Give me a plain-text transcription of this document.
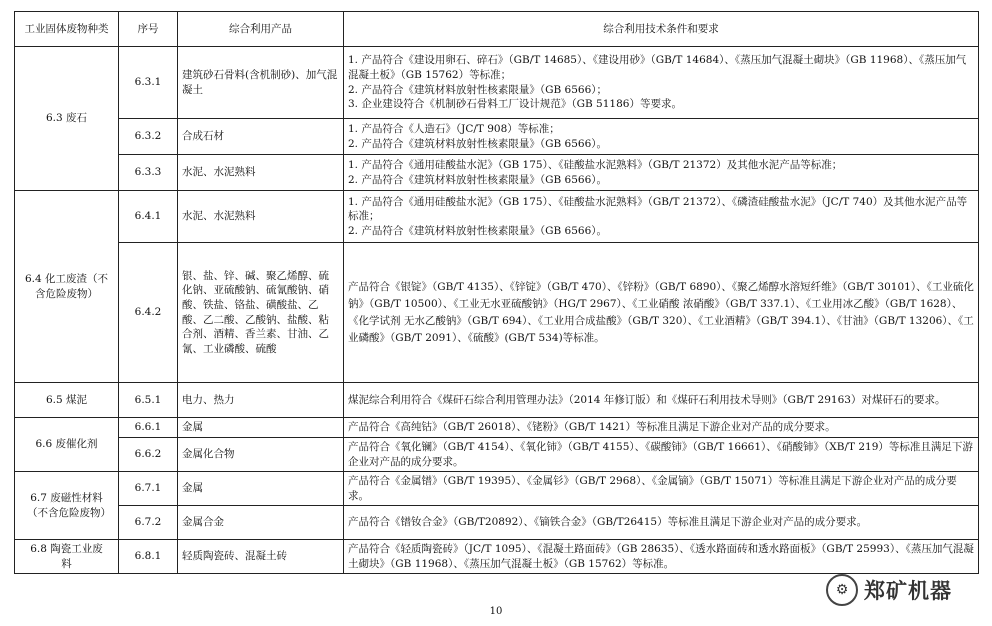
工业固体废物种类	序号	综合利用产品	综合利用技术条件和要求
6.3 废石	6.3.1	建筑砂石骨料(含机制砂)、加气混凝土	1. 产品符合《建设用卵石、碎石》（GB/T 14685）、《建设用砂》（GB/T 14684）、《蒸压加气混凝土砌块》（GB 11968）、《蒸压加气混凝土板》（GB 15762）等标准；
2. 产品符合《建筑材料放射性核素限量》（GB 6566）；
3. 企业建设符合《机制砂石骨料工厂设计规范》（GB 51186）等要求。

	6.3.2	合成石材	1. 产品符合《人造石》（JC/T 908）等标准；
2. 产品符合《建筑材料放射性核素限量》（GB 6566）。

	6.3.3	水泥、水泥熟料	1. 产品符合《通用硅酸盐水泥》（GB 175）、《硅酸盐水泥熟料》（GB/T 21372）及其他水泥产品等标准；
2. 产品符合《建筑材料放射性核素限量》（GB 6566）。

6.4 化工废渣（不含危险废物）	6.4.1	水泥、水泥熟料	1. 产品符合《通用硅酸盐水泥》（GB 175）、《硅酸盐水泥熟料》（GB/T 21372）、《磷渣硅酸盐水泥》（JC/T 740）及其他水泥产品等标准；
2. 产品符合《建筑材料放射性核素限量》（GB 6566）。

	6.4.2	银、盐、锌、碱、聚乙烯醇、硫化钠、亚硫酸钠、硫氰酸钠、硝酸、铁盐、铬盐、磺酸盐、乙酸、乙二酸、乙酸钠、盐酸、粘合剂、酒精、香兰素、甘油、乙氰、工业磷酸、硫酸	产品符合《银锭》（GB/T 4135）、《锌锭》（GB/T 470）、《锌粉》（GB/T 6890）、《聚乙烯醇水溶短纤维》（GB/T 30101）、《工业硫化钠》（GB/T 10500）、《工业无水亚硫酸钠》（HG/T 2967）、《工业硝酸 浓硝酸》（GB/T 337.1）、《工业用冰乙酸》（GB/T 1628）、《化学试剂 无水乙酸钠》（GB/T 694）、《工业用合成盐酸》（GB/T 320）、《工业酒精》（GB/T 394.1）、《甘油》（GB/T 13206）、《工业磷酸》（GB/T 2091）、《硫酸》(GB/T 534)等标准。

6.5 煤泥	6.5.1	电力、热力	煤泥综合利用符合《煤矸石综合利用管理办法》（2014 年修订版）和《煤矸石利用技术导则》（GB/T 29163）对煤矸石的要求。

6.6 废催化剂	6.6.1	金属	产品符合《高纯钴》（GB/T 26018）、《铑粉》（GB/T 1421）等标准且满足下游企业对产品的成分要求。

	6.6.2	金属化合物	产品符合《氧化镧》（GB/T 4154）、《氧化铈》（GB/T 4155）、《碳酸铈》（GB/T 16661）、《硝酸铈》（XB/T 219）等标准且满足下游企业对产品的成分要求。

6.7 废磁性材料（不含危险废物）	6.7.1	金属	产品符合《金属镨》（GB/T 19395）、《金属钐》（GB/T 2968）、《金属镝》（GB/T 15071）等标准且满足下游企业对产品的成分要求。

	6.7.2	金属合金	产品符合《镨钕合金》（GB/T20892）、《镝铁合金》（GB/T26415）等标准且满足下游企业对产品的成分要求。

6.8 陶瓷工业废料	6.8.1	轻质陶瓷砖、混凝土砖	产品符合《轻质陶瓷砖》（JC/T 1095）、《混凝土路面砖》（GB 28635）、《透水路面砖和透水路面板》（GB/T 25993）、《蒸压加气混凝土砌块》（GB 11968）、《蒸压加气混凝土板》（GB 15762）等标准。
10
⚙ 郑矿机器
